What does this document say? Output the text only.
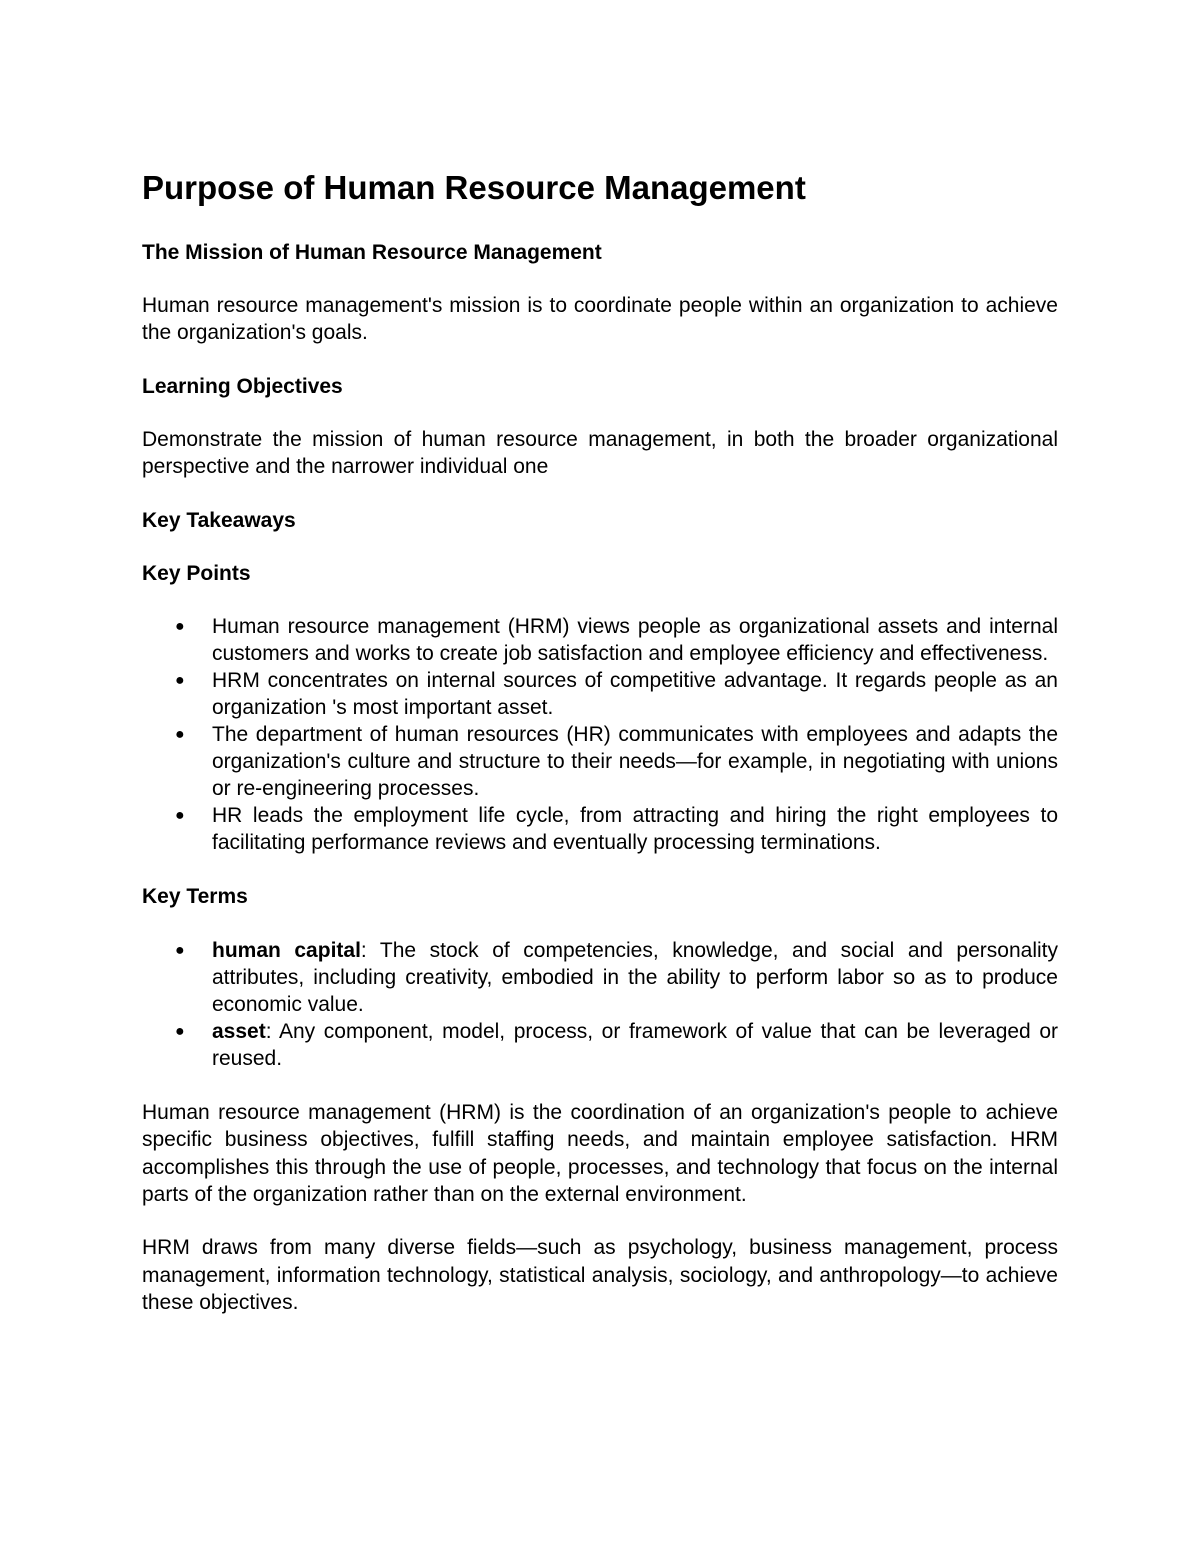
Purpose of Human Resource Management
The Mission of Human Resource Management

Human resource management's mission is to coordinate people within an organization to achieve the organization's goals.

Learning Objectives

Demonstrate the mission of human resource management, in both the broader organizational perspective and the narrower individual one

Key Takeaways
Key Points
● Human resource management (HRM) views people as organizational assets and internal customers and works to create job satisfaction and employee efficiency and effectiveness.
● HRM concentrates on internal sources of competitive advantage. It regards people as an organization 's most important asset.
● The department of human resources (HR) communicates with employees and adapts the organization's culture and structure to their needs—for example, in negotiating with unions or re-engineering processes.
● HR leads the employment life cycle, from attracting and hiring the right employees to facilitating performance reviews and eventually processing terminations.
Key Terms
● human capital: The stock of competencies, knowledge, and social and personality attributes, including creativity, embodied in the ability to perform labor so as to produce economic value.
● asset: Any component, model, process, or framework of value that can be leveraged or reused.

Human resource management (HRM) is the coordination of an organization's people to achieve specific business objectives, fulfill staffing needs, and maintain employee satisfaction. HRM accomplishes this through the use of people, processes, and technology that focus on the internal parts of the organization rather than on the external environment.

HRM draws from many diverse fields—such as psychology, business management, process management, information technology, statistical analysis, sociology, and anthropology—to achieve these objectives.
